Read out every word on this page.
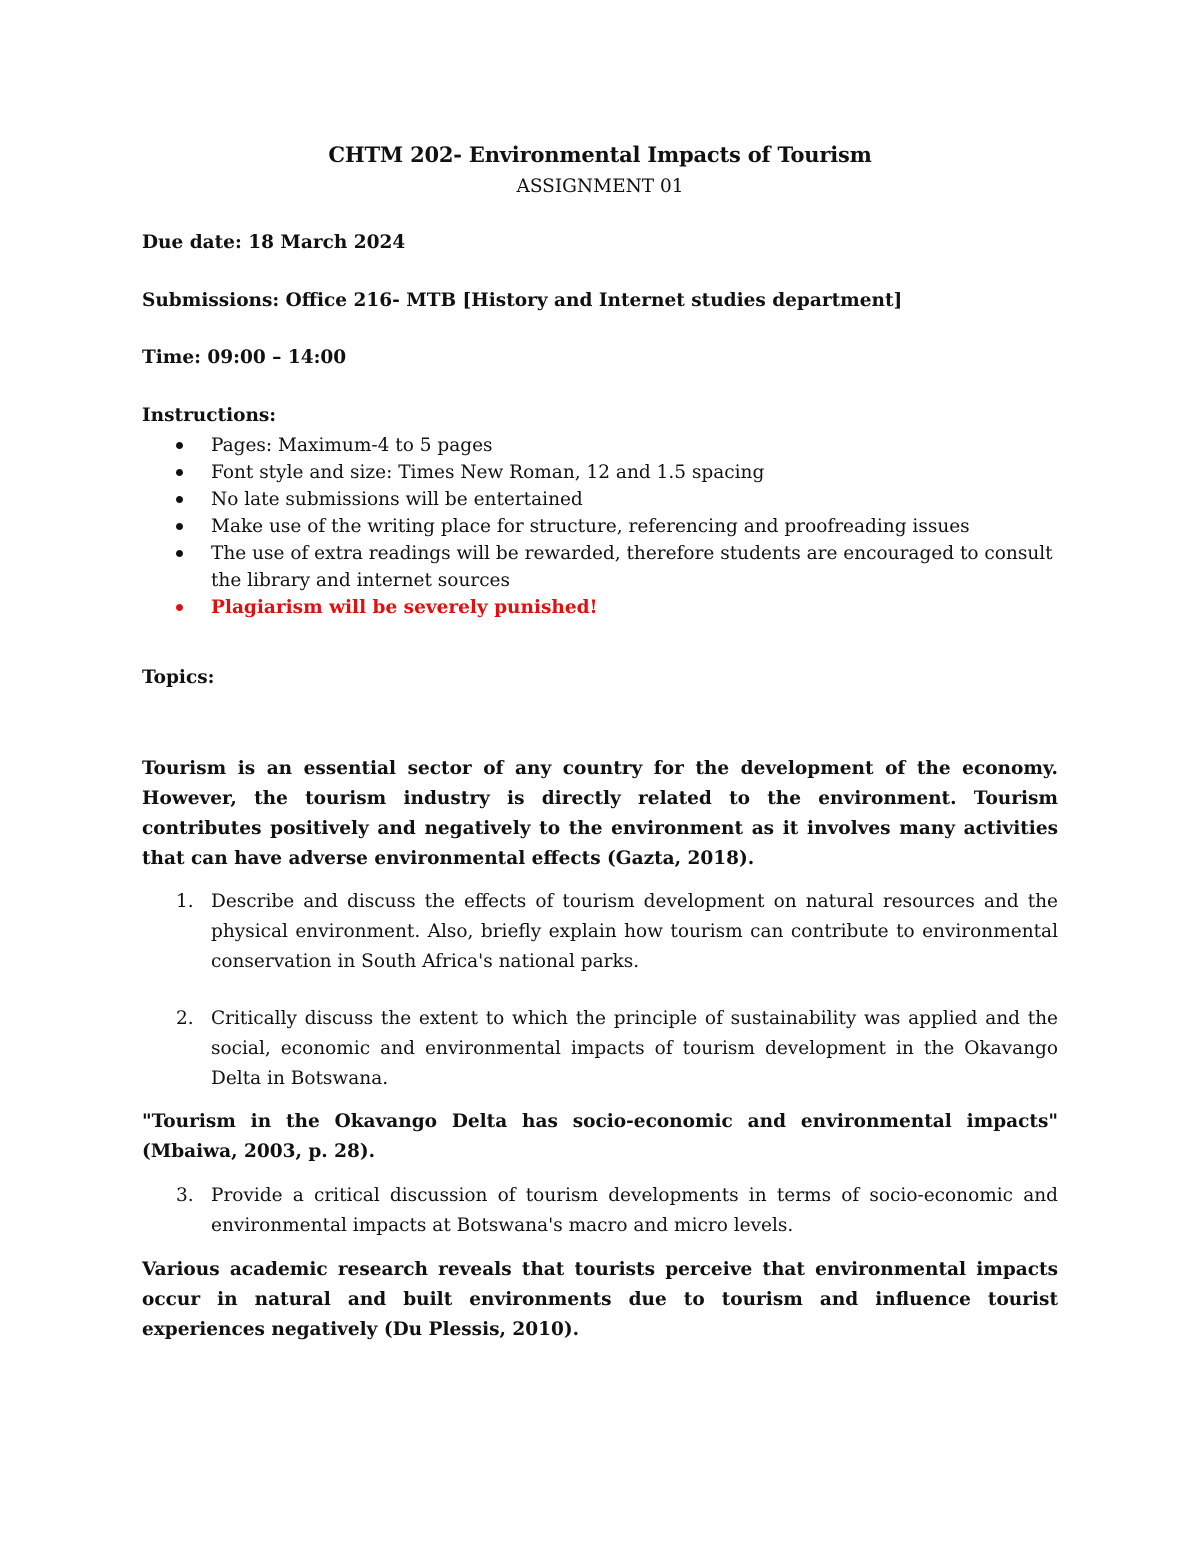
CHTM 202- Environmental Impacts of Tourism
ASSIGNMENT 01
Due date: 18 March 2024
Submissions: Office 216- MTB [History and Internet studies department]
Time: 09:00 – 14:00
Instructions:
Pages: Maximum-4 to 5 pages
Font style and size: Times New Roman, 12 and 1.5 spacing
No late submissions will be entertained
Make use of the writing place for structure, referencing and proofreading issues
The use of extra readings will be rewarded, therefore students are encouraged to consult the library and internet sources
Plagiarism will be severely punished!
Topics:

Tourism is an essential sector of any country for the development of the economy. However, the tourism industry is directly related to the environment. Tourism contributes positively and negatively to the environment as it involves many activities that can have adverse environmental effects (Gazta, 2018).

1. Describe and discuss the effects of tourism development on natural resources and the physical environment. Also, briefly explain how tourism can contribute to environmental conservation in South Africa's national parks.
2. Critically discuss the extent to which the principle of sustainability was applied and the social, economic and environmental impacts of tourism development in the Okavango Delta in Botswana.

"Tourism in the Okavango Delta has socio-economic and environmental impacts" (Mbaiwa, 2003, p. 28).

3. Provide a critical discussion of tourism developments in terms of socio-economic and environmental impacts at Botswana's macro and micro levels.

Various academic research reveals that tourists perceive that environmental impacts occur in natural and built environments due to tourism and influence tourist experiences negatively (Du Plessis, 2010).
